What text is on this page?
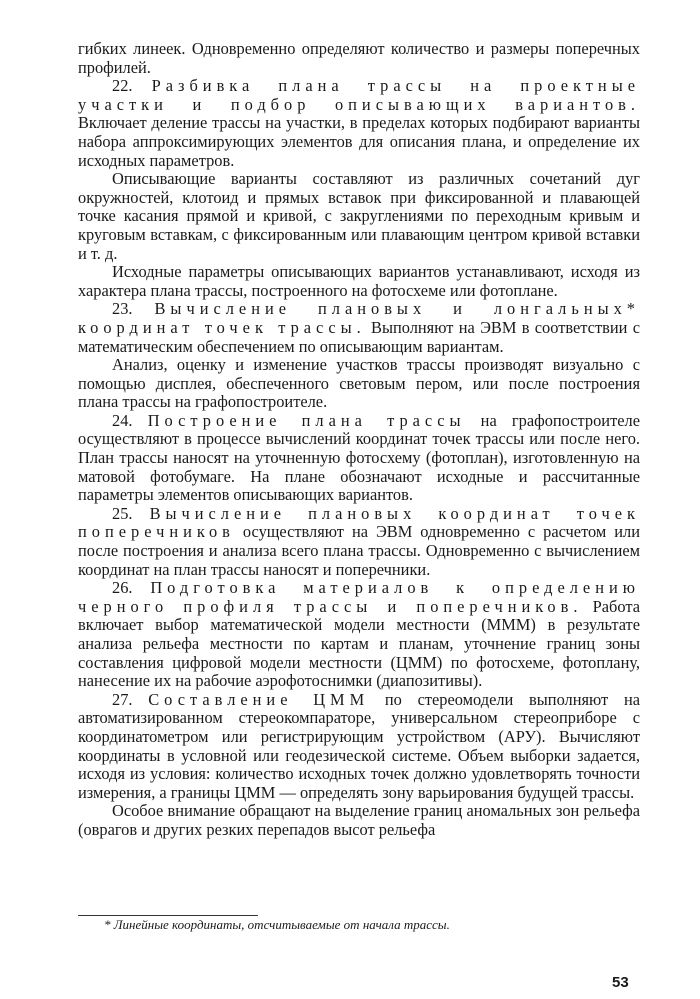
гибких линеек. Одновременно определяют количество и размеры поперечных профилей.

22. Разбивка плана трассы на проектные участки и подбор описывающих вариантов. Включает деление трассы на участки, в пределах которых подбирают варианты набора аппроксимирующих элементов для описания плана, и определение их исходных параметров.

Описывающие варианты составляют из различных сочетаний дуг окружностей, клотоид и прямых вставок при фиксированной и плавающей точке касания прямой и кривой, с закруглениями по переходным кривым и круговым вставкам, с фиксированным или плавающим центром кривой вставки и т. д.

Исходные параметры описывающих вариантов устанавливают, исходя из характера плана трассы, построенного на фотосхеме или фотоплане.

23. Вычисление плановых и лонгальных* координат точек трассы. Выполняют на ЭВМ в соответствии с математическим обеспечением по описывающим вариантам.

Анализ, оценку и изменение участков трассы производят визуально с помощью дисплея, обеспеченного световым пером, или после построения плана трассы на графопостроителе.

24. Построение плана трассы на графопостроителе осуществляют в процессе вычислений координат точек трассы или после него. План трассы наносят на уточненную фотосхему (фотоплан), изготовленную на матовой фотобумаге. На плане обозначают исходные и рассчитанные параметры элементов описывающих вариантов.

25. Вычисление плановых координат точек поперечников осуществляют на ЭВМ одновременно с расчетом или после построения и анализа всего плана трассы. Одновременно с вычислением координат на план трассы наносят и поперечники.

26. Подготовка материалов к определению черного профиля трассы и поперечников. Работа включает выбор математической модели местности (ММM) в результате анализа рельефа местности по картам и планам, уточнение границ зоны составления цифровой модели местности (ЦММ) по фотосхеме, фотоплану, нанесение их на рабочие аэрофотоснимки (диапозитивы).

27. Составление ЦММ по стереомодели выполняют на автоматизированном стереокомпараторе, универсальном стереоприборе с координатометром или регистрирующим устройством (АРУ). Вычисляют координаты в условной или геодезической системе. Объем выборки задается, исходя из условия: количество исходных точек должно удовлетворять точности измерения, а границы ЦММ — определять зону варьирования будущей трассы.

Особое внимание обращают на выделение границ аномальных зон рельефа (оврагов и других резких перепадов высот рельефа

* Линейные координаты, отсчитываемые от начала трассы.
53
